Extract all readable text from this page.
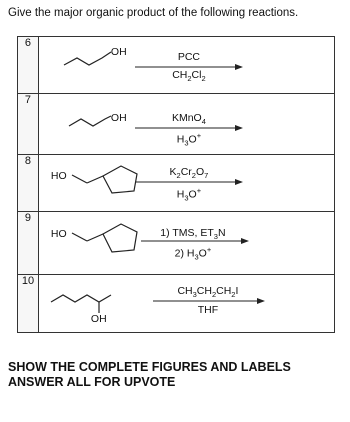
Give the major organic product of the following reactions.
6	OH PCC
$CH_2Cl_2$

7	OH KMnO$_4$
$H_3O^+$

8	HO $K_2Cr_2O_7$
$H_3O^+$

9	HO 1) TMS, $ET_3N$
2) $H_3O^+$

10	OH
$CH_3CH_2CH_2I$
THF
SHOW THE COMPLETE FIGURES AND LABELS
ANSWER ALL FOR UPVOTE
